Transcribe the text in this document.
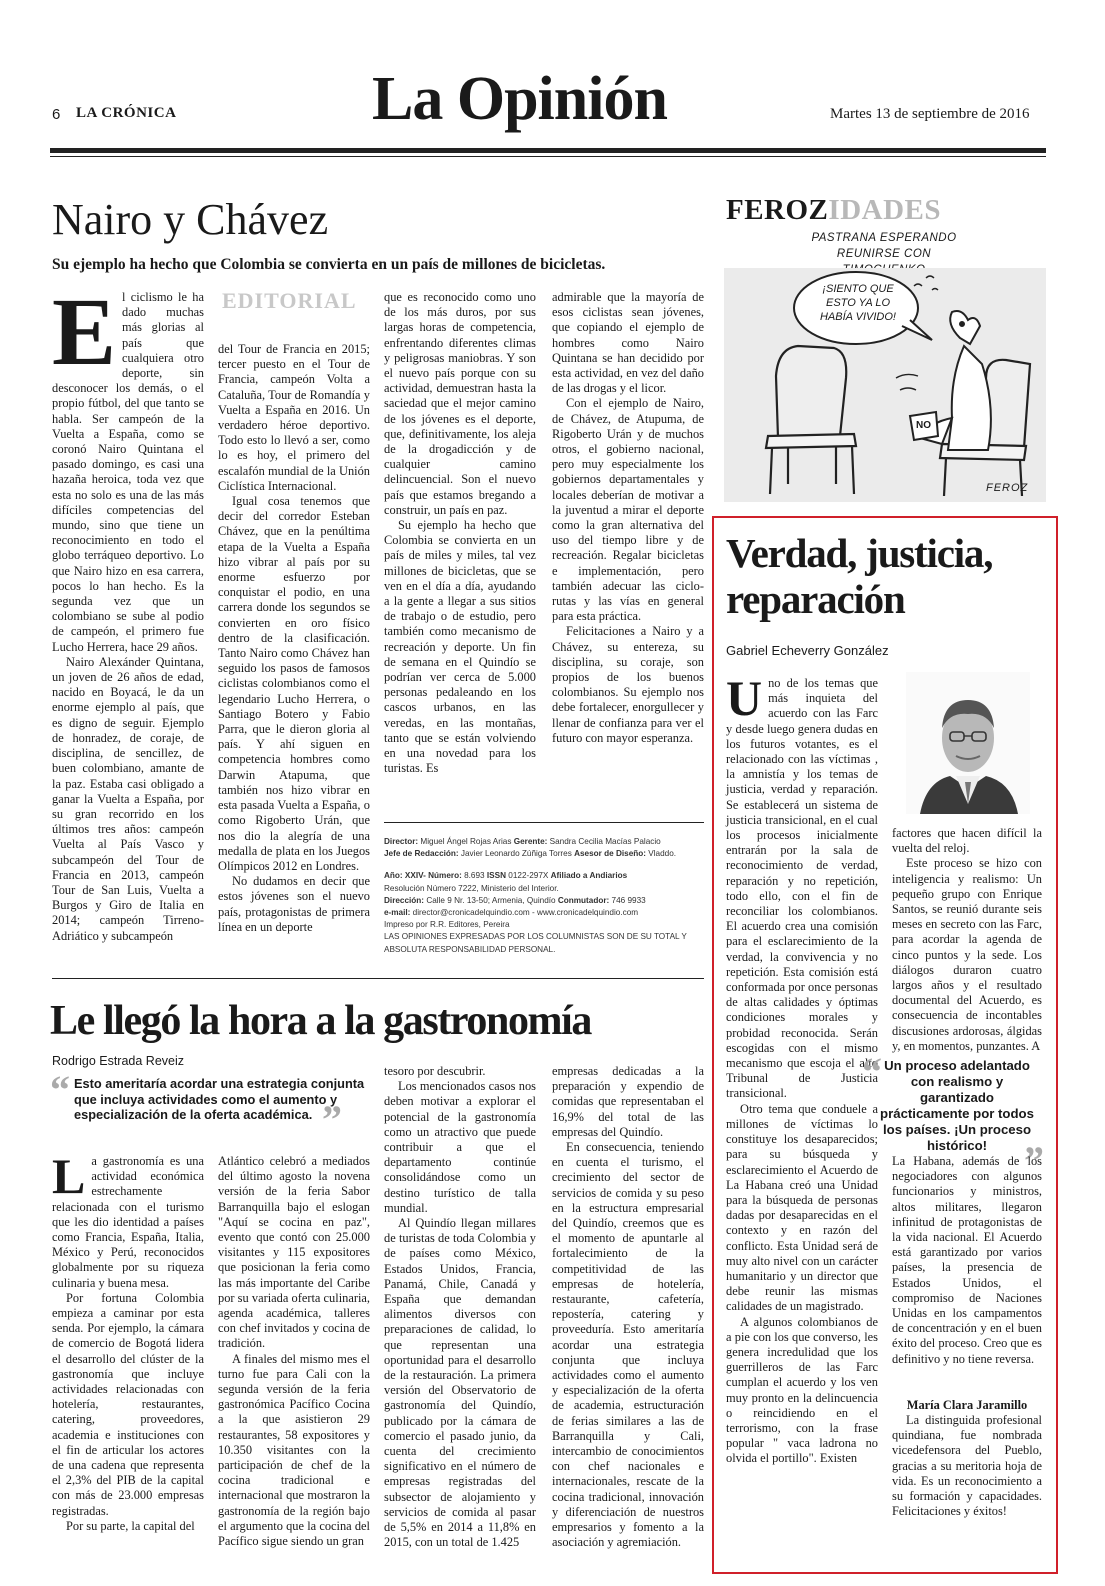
6 LA CRÓNICA	La Opinión	Martes 13 de septiembre de 2016
Nairo y Chávez
Su ejemplo ha hecho que Colombia se convierta en un país de millones de bicicletas.
E l ciclismo le ha dado muchas más glorias al país que cualquiera otro deporte, sin desconocer los demás, o el propio fútbol, del que tanto se habla. Ser campeón de la Vuelta a España, como se coronó Nairo Quintana el pasado domingo, es casi una hazaña heroica, toda vez que esta no solo es una de las más difíciles competencias del mundo, sino que tiene un reconocimiento en todo el globo terráqueo deportivo. Lo que Nairo hizo en esa carrera, pocos lo han hecho. Es la segunda vez que un colombiano se sube al podio de campeón, el primero fue Lucho Herrera, hace 29 años.

Nairo Alexánder Quintana, un joven de 26 años de edad, nacido en Boyacá, le da un enorme ejemplo al país, que es digno de seguir. Ejemplo de honradez, de coraje, de disciplina, de sencillez, de buen colombiano, amante de la paz. Estaba casi obligado a ganar la Vuelta a España, por su gran recorrido en los últimos tres años: campeón Vuelta al País Vasco y subcampeón del Tour de Francia en 2013, campeón Tour de San Luis, Vuelta a Burgos y Giro de Italia en 2014; campeón Tirreno-Adriático y subcampeón

EDITORIAL

del Tour de Francia en 2015; tercer puesto en el Tour de Francia, campeón Volta a Cataluña, Tour de Romandía y Vuelta a España en 2016. Un verdadero héroe deportivo. Todo esto lo llevó a ser, como lo es hoy, el primero del escalafón mundial de la Unión Ciclística Internacional.

Igual cosa tenemos que decir del corredor Esteban Chávez, que en la penúltima etapa de la Vuelta a España hizo vibrar al país por su enorme esfuerzo por conquistar el podio, en una carrera donde los segundos se convierten en oro físico dentro de la clasificación. Tanto Nairo como Chávez han seguido los pasos de famosos ciclistas colombianos como el legendario Lucho Herrera, o Santiago Botero y Fabio Parra, que le dieron gloria al país. Y ahí siguen en competencia hombres como Darwin Atapuma, que también nos hizo vibrar en esta pasada Vuelta a España, o como Rigoberto Urán, que nos dio la alegría de una medalla de plata en los Juegos Olímpicos 2012 en Londres.

No dudamos en decir que estos jóvenes son el nuevo país, protagonistas de primera línea en un deporte

que es reconocido como uno de los más duros, por sus largas horas de competencia, enfrentando diferentes climas y peligrosas maniobras. Y son el nuevo país porque con su actividad, demuestran hasta la saciedad que el mejor camino de los jóvenes es el deporte, que, definitivamente, los aleja de la drogadicción y de cualquier camino delincuencial. Son el nuevo país que estamos bregando a construir, un país en paz.

Su ejemplo ha hecho que Colombia se convierta en un país de miles y miles, tal vez millones de bicicletas, que se ven en el día a día, ayudando a la gente a llegar a sus sitios de trabajo o de estudio, pero también como mecanismo de recreación y deporte. Un fin de semana en el Quindío se podrían ver cerca de 5.000 personas pedaleando en los cascos urbanos, en las veredas, en las montañas, tanto que se están volviendo en una novedad para los turistas. Es

admirable que la mayoría de esos ciclistas sean jóvenes, que copiando el ejemplo de hombres como Nairo Quintana se han decidido por esta actividad, en vez del daño de las drogas y el licor.

Con el ejemplo de Nairo, de Chávez, de Atupuma, de Rigoberto Urán y de muchos otros, el gobierno nacional, pero muy especialmente los gobiernos departamentales y locales deberían de motivar a la juventud a mirar el deporte como la gran alternativa del uso del tiempo libre y de recreación. Regalar bicicletas e implementación, pero también adecuar las ciclo-rutas y las vías en general para esta práctica.

Felicitaciones a Nairo y a Chávez, su entereza, su disciplina, su coraje, son propios de los buenos colombianos. Su ejemplo nos debe fortalecer, enorgullecer y llenar de confianza para ver el futuro con mayor esperanza.

Director: Miguel Ángel Rojas Arias Gerente: Sandra Cecilia Macías Palacio
Jefe de Redacción: Javier Leonardo Zúñiga Torres Asesor de Diseño: Vladdo.
Año: XXIV- Número: 8.693 ISSN 0122-297X Afiliado a Andiarios
Resolución Número 7222, Ministerio del Interior.
Dirección: Calle 9 Nr. 13-50; Armenia, Quindío Conmutador: 746 9933
e-mail: director@cronicadelquindio.com - www.cronicadelquindio.com
Impreso por R.R. Editores, Pereira
LAS OPINIONES EXPRESADAS POR LOS COLUMNISTAS SON DE SU TOTAL Y ABSOLUTA RESPONSABILIDAD PERSONAL.
FEROZIDADES
PASTRANA ESPERANDO
REUNIRSE CON
¡SIENTO QUE
ESTO YA LO
HABÍA VIVIDO!
NO
FEROZ
Verdad, justicia,
reparación
Gabriel Echeverry González
U no de los temas que más inquieta del acuerdo con las Farc y desde luego genera dudas en los futuros votantes, es el relacionado con las víctimas , la amnistía y los temas de justicia, verdad y reparación. Se establecerá un sistema de justicia transicional, en el cual los procesos inicialmente entrarán por la sala de reconocimiento de verdad, reparación y no repetición, todo ello, con el fin de reconciliar los colombianos. El acuerdo crea una comisión para el esclarecimiento de la verdad, la convivencia y no repetición. Esta comisión está conformada por once personas de altas calidades y óptimas condiciones morales y probidad reconocida. Serán escogidas con el mismo mecanismo que escoja el alto Tribunal de Justicia transicional.

Otro tema que conduele a millones de víctimas lo constituye los desaparecidos; para su búsqueda y esclarecimiento el Acuerdo de La Habana creó una Unidad para la búsqueda de personas dadas por desaparecidas en el contexto y en razón del conflicto. Esta Unidad será de muy alto nivel con un carácter humanitario y un director que debe reunir las mismas calidades de un magistrado.

A algunos colombianos de a pie con los que converso, les genera incredulidad que los guerrilleros de las Farc cumplan el acuerdo y los ven muy pronto en la delincuencia o reincidiendo en el terrorismo, con la frase popular " vaca ladrona no olvida el portillo". Existen

factores que hacen difícil la vuelta del reloj.

Este proceso se hizo con inteligencia y realismo: Un pequeño grupo con Enrique Santos, se reunió durante seis meses en secreto con las Farc, para acordar la agenda de cinco puntos y la sede. Los diálogos duraron cuatro largos años y el resultado documental del Acuerdo, es consecuencia de incontables discusiones ardorosas, álgidas y, en momentos, punzantes. A

“ Un proceso adelantado con realismo y garantizado prácticamente por todos los países. ¡Un proceso histórico! ”

La Habana, además de los negociadores con algunos funcionarios y ministros, altos militares, llegaron infinitud de protagonistas de la vida nacional. El Acuerdo está garantizado por varios países, la presencia de Estados Unidos, el compromiso de Naciones Unidas en los campamentos de concentración y en el buen éxito del proceso. Creo que es definitivo y no tiene reversa.

María Clara Jaramillo

La distinguida profesional quindiana, fue nombrada vicedefensora del Pueblo, gracias a su meritoria hoja de vida. Es un reconocimiento a su formación y capacidades. Felicitaciones y éxitos!

Le llegó la hora a la gastronomía
Rodrigo Estrada Reveiz
“ Esto ameritaría acordar una estrategia conjunta que incluya actividades como el aumento y especialización de la oferta académica. ”
L a gastronomía es una actividad económica estrechamente relacionada con el turismo que les dio identidad a países como Francia, España, Italia, México y Perú, reconocidos globalmente por su riqueza culinaria y buena mesa.

Por fortuna Colombia empieza a caminar por esta senda. Por ejemplo, la cámara de comercio de Bogotá lidera el desarrollo del clúster de la gastronomía que incluye actividades relacionadas con hotelería, restaurantes, catering, proveedores, academia e instituciones con el fin de articular los actores de una cadena que representa el 2,3% del PIB de la capital con más de 23.000 empresas registradas.

Por su parte, la capital del

Atlántico celebró a mediados del último agosto la novena versión de la feria Sabor Barranquilla bajo el eslogan "Aquí se cocina en paz", evento que contó con 25.000 visitantes y 115 expositores que posicionan la feria como las más importante del Caribe por su variada oferta culinaria, agenda académica, talleres con chef invitados y cocina de tradición.

A finales del mismo mes el turno fue para Cali con la segunda versión de la feria gastronómica Pacífico Cocina a la que asistieron 29 restaurantes, 58 expositores y 10.350 visitantes con la participación de chef de la cocina tradicional e internacional que mostraron la gastronomía de la región bajo el argumento que la cocina del Pacífico sigue siendo un gran

tesoro por descubrir.

Los mencionados casos nos deben motivar a explorar el potencial de la gastronomía como un atractivo que puede contribuir a que el departamento continúe consolidándose como un destino turístico de talla mundial.

Al Quindío llegan millares de turistas de toda Colombia y de países como México, Estados Unidos, Francia, Panamá, Chile, Canadá y España que demandan alimentos diversos con preparaciones de calidad, lo que representan una oportunidad para el desarrollo de la restauración. La primera versión del Observatorio de gastronomía del Quindío, publicado por la cámara de comercio el pasado junio, da cuenta del crecimiento significativo en el número de empresas registradas del subsector de alojamiento y servicios de comida al pasar de 5,5% en 2014 a 11,8% en 2015, con un total de 1.425

empresas dedicadas a la preparación y expendio de comidas que representaban el 16,9% del total de las empresas del Quindío.

En consecuencia, teniendo en cuenta el turismo, el crecimiento del sector de servicios de comida y su peso en la estructura empresarial del Quindío, creemos que es el momento de apuntarle al fortalecimiento de la competitividad de las empresas de hotelería, restaurante, cafetería, repostería, catering y proveeduría. Esto ameritaría acordar una estrategia conjunta que incluya actividades como el aumento y especialización de la oferta de academia, estructuración de ferias similares a las de Barranquilla y Cali, intercambio de conocimientos con chef nacionales e internacionales, rescate de la cocina tradicional, innovación y diferenciación de nuestros empresarios y fomento a la asociación y agremiación.
